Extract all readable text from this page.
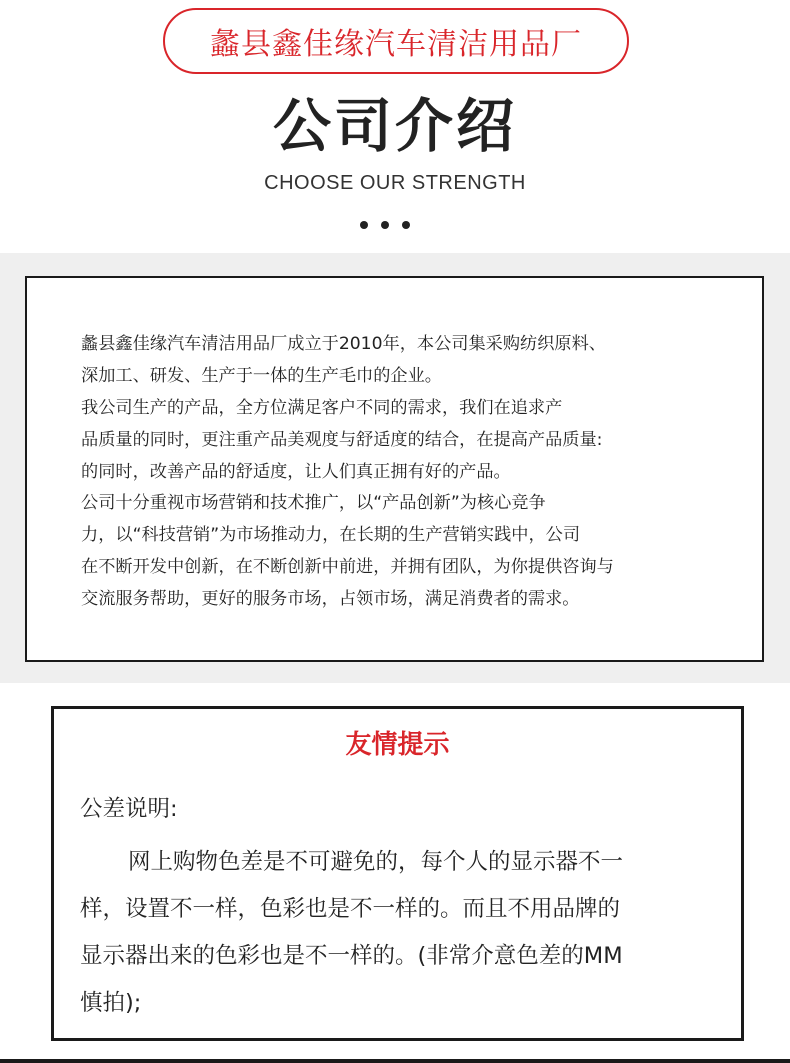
蠡县鑫佳缘汽车清洁用品厂
公司介绍
CHOOSE OUR STRENGTH
蠡县鑫佳缘汽车清洁用品厂成立于2010年，本公司集采购纺织原料、
深加工、研发、生产于一体的生产毛巾的企业。
我公司生产的产品，全方位满足客户不同的需求，我们在追求产
品质量的同时，更注重产品美观度与舒适度的结合，在提高产品质量:
的同时，改善产品的舒适度，让人们真正拥有好的产品。
公司十分重视市场营销和技术推广，以“产品创新”为核心竞争
力，以“科技营销”为市场推动力，在长期的生产营销实践中，公司
在不断开发中创新，在不断创新中前进，并拥有团队，为你提供咨询与
交流服务帮助，更好的服务市场，占领市场，满足消费者的需求。
友情提示
公差说明:
网上购物色差是不可避免的，每个人的显示器不一
样，设置不一样，色彩也是不一样的。而且不用品牌的
显示器出来的色彩也是不一样的。(非常介意色差的MM
慎拍);
